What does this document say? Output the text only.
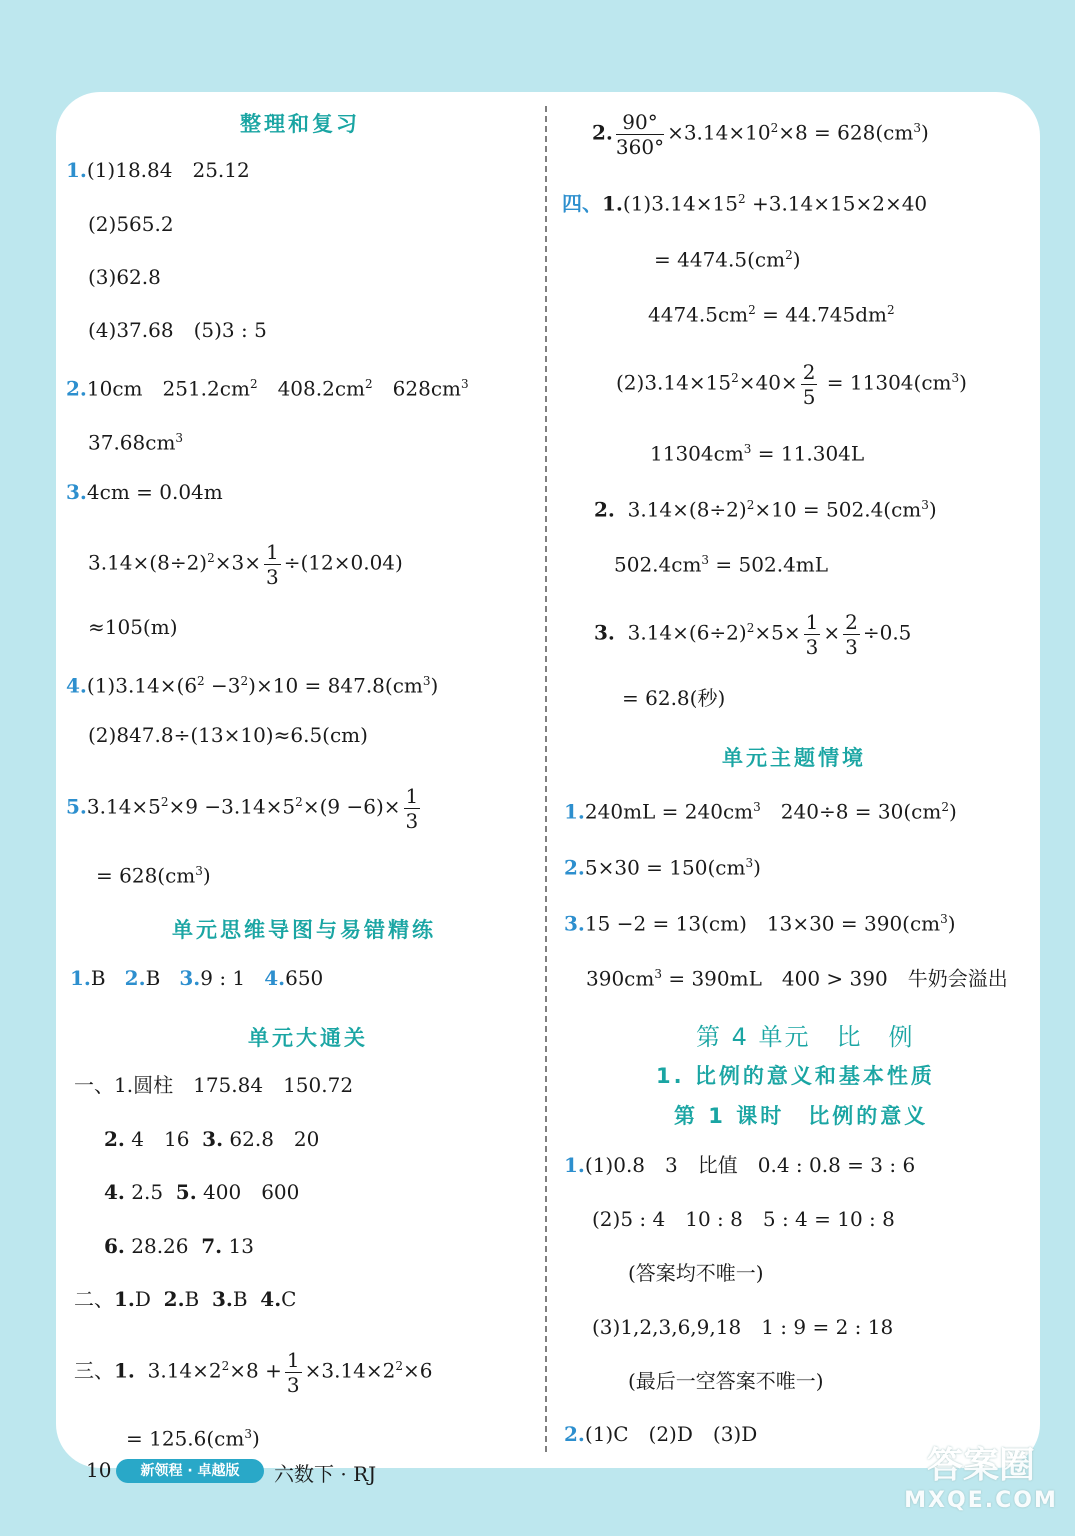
整理和复习
1.(1)18.84　25.12
(2)565.2
(3)62.8
(4)37.68　(5)3 : 5
2.10cm　$251.2cm^2$　$408.2cm^2$　$628cm^3$
$37.68cm^3$
3.4cm = 0.04m
$3.14\times(8\div 2)^2\times 3\times \frac{1}{3} \div(12\times 0.04)$
≈105(m)
$4.(1)3.14\times(6^2 -3^2)\times 10 = 847.8(cm^3)$
(2)847.8÷(13×10)≈6.5(cm)
$5.3.14\times 5^2\times 9 -3.14\times 5^2\times(9 -6)\times \frac{1}{3}$
= $628(cm^3)$
单元思维导图与易错精练
1.B 2.B 3.9 : 1 4.650
单元大通关
一、1.圆柱　175.84　150.72
2. 4　16 3. 62.8　20
4. 2.5 5. 400　600
6. 28.26 7. 13
二、1.D 2.B 3.B 4.C
三、1. $3.14\times 2^2\times 8 + \frac{1}{3} \times 3.14\times 2^2\times 6$
= $125.6(cm^3)$
2. $\frac{90^\circ}{360^\circ} \times 3.14\times 10^2\times 8 = 628(cm^3)$
四、$1.(1)3.14\times 15^2 +3.14\times 15\times 2\times 40$
= $4474.5(cm^2)$
$4474.5cm^2 = 44.745dm^2$
$(2)3.14\times 15^2\times 40\times \frac{2}{5} = 11304(cm^3)$
$11304cm^3 = 11.304L$
2. $3.14\times(8\div 2)^2\times 10 = 502.4(cm^3)$
$502.4cm^3 = 502.4mL$
3. $3.14\times(6\div 2)^2\times 5\times \frac{1}{3} \times \frac{2}{3} \div 0.5$
= 62.8(秒)
单元主题情境
$1.240mL = 240cm^3$　$240\div 8 = 30(cm^2)$
$2.5\times 30 = 150(cm^3)$
3.15 −2 = 13(cm)　$13\times 30 = 390(cm^3)$
$390cm^3 = 390mL$　400 > 390　牛奶会溢出
第 4 单元　比　例
1. 比例的意义和基本性质
第 1 课时　比例的意义
1.(1)0.8　3　比值　0.4 : 0.8 = 3 : 6
(2)5 : 4　10 : 8　5 : 4 = 10 : 8
(答案均不唯一)
(3)1,2,3,6,9,18　1 : 9 = 2 : 18
(最后一空答案不唯一)
2.(1)C　(2)D　(3)D
10	新领程 · 卓越版	六数下 · RJ	答案圈
MXQE.COM
